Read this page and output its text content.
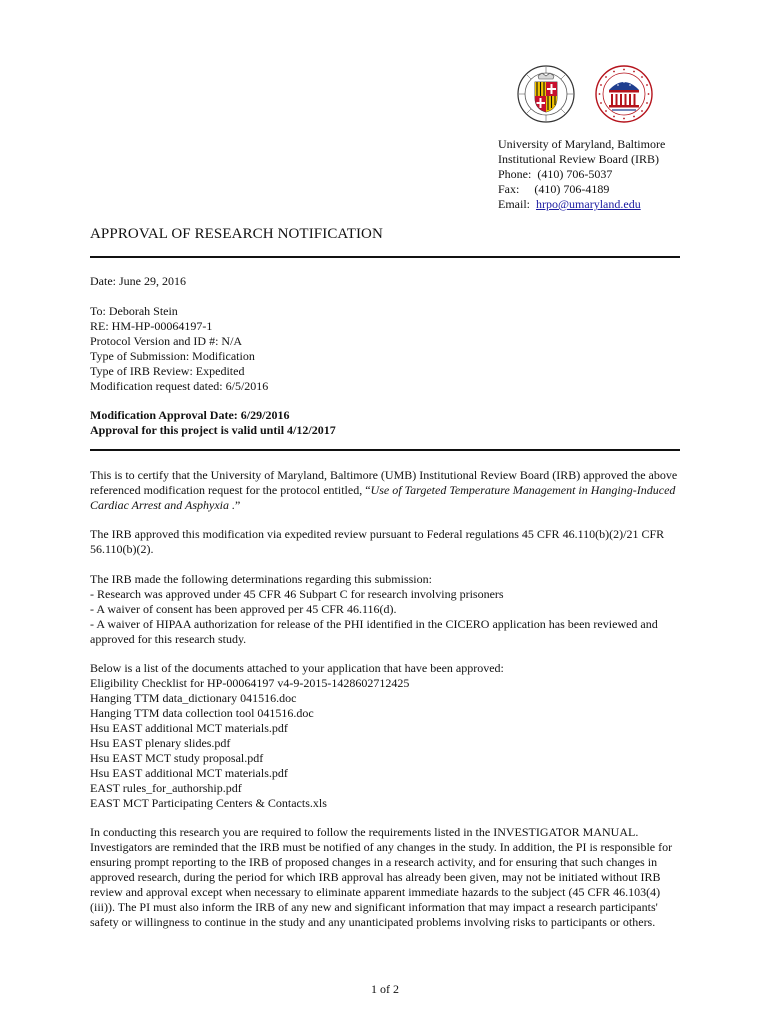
University of Maryland, Baltimore
Institutional Review Board (IRB)
Phone:  (410) 706-5037
Fax:     (410) 706-4189
Email:  hrpo@umaryland.edu
APPROVAL OF RESEARCH NOTIFICATION

Date: June 29, 2016

To: Deborah Stein

RE: HM-HP-00064197-1

Protocol Version and ID #: N/A

Type of Submission: Modification

Type of IRB Review: Expedited

Modification request dated: 6/5/2016

Modification Approval Date: 6/29/2016

Approval for this project is valid until 4/12/2017

This is to certify that the University of Maryland, Baltimore (UMB) Institutional Review Board (IRB) approved the above referenced modification request for the protocol entitled, “Use of Targeted Temperature Management in Hanging-Induced Cardiac Arrest and Asphyxia .”

The IRB approved this modification via expedited review pursuant to Federal regulations 45 CFR 46.110(b)(2)/21 CFR 56.110(b)(2).

The IRB made the following determinations regarding this submission:

- Research was approved under 45 CFR 46 Subpart C for research involving prisoners

- A waiver of consent has been approved per 45 CFR 46.116(d).

- A waiver of HIPAA authorization for release of the PHI identified in the CICERO application has been reviewed and approved for this research study.

Below is a list of the documents attached to your application that have been approved:

Eligibility Checklist for HP-00064197 v4-9-2015-1428602712425

Hanging TTM data_dictionary 041516.doc

Hanging TTM data collection tool 041516.doc

Hsu EAST additional MCT materials.pdf

Hsu EAST plenary slides.pdf

Hsu EAST MCT study proposal.pdf

Hsu EAST additional MCT materials.pdf

EAST rules_for_authorship.pdf

EAST MCT Participating Centers & Contacts.xls

In conducting this research you are required to follow the requirements listed in the INVESTIGATOR MANUAL. Investigators are reminded that the IRB must be notified of any changes in the study. In addition, the PI is responsible for ensuring prompt reporting to the IRB of proposed changes in a research activity, and for ensuring that such changes in approved research, during the period for which IRB approval has already been given, may not be initiated without IRB review and approval except when necessary to eliminate apparent immediate hazards to the subject (45 CFR 46.103(4)(iii)). The PI must also inform the IRB of any new and significant information that may impact a research participants' safety or willingness to continue in the study and any unanticipated problems involving risks to participants or others.

1 of 2
